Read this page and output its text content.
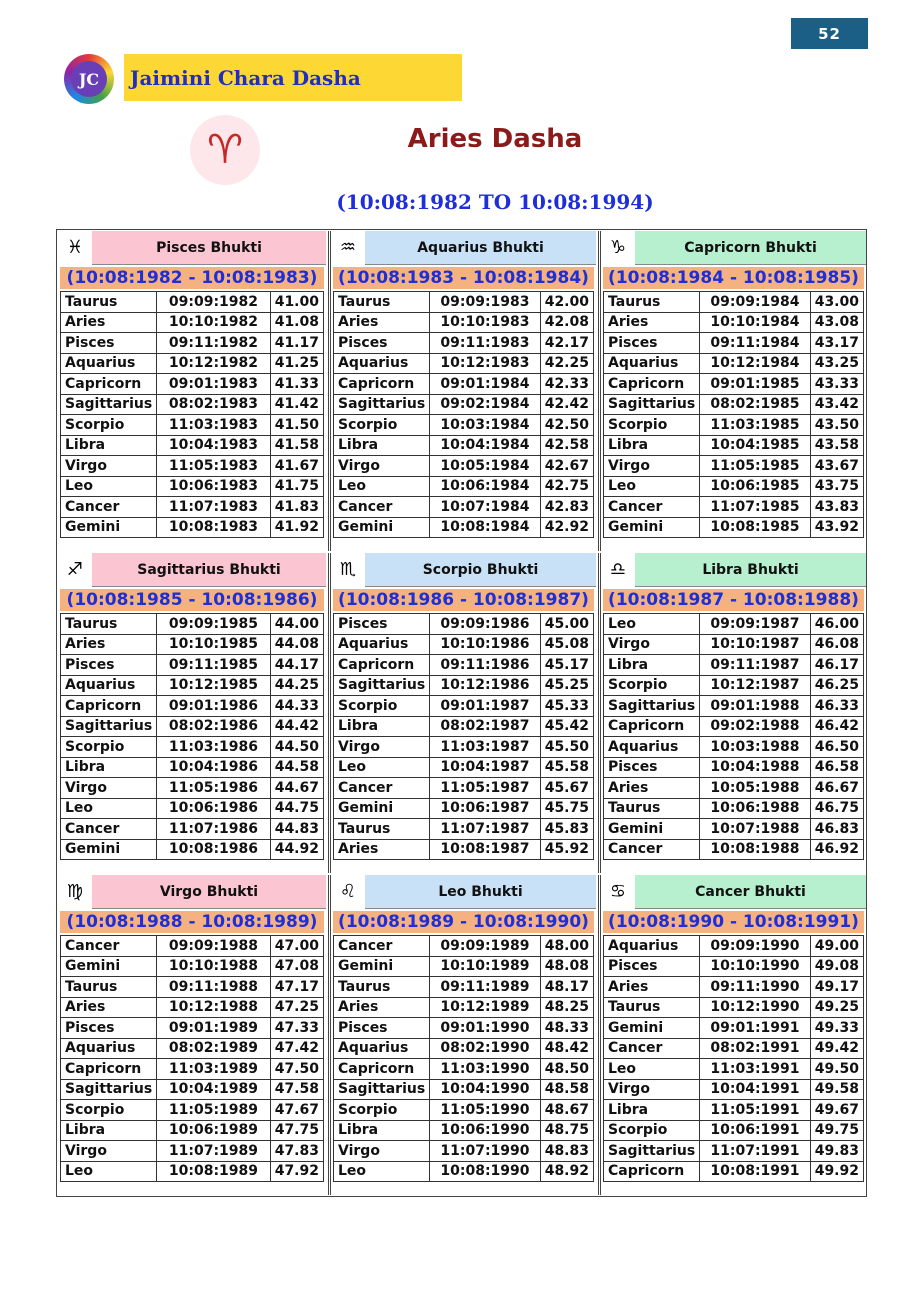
52
JC	Jaimini Chara Dasha
♈	Aries Dasha
(10:08:1982 TO 10:08:1994)
♓	Pisces Bhukti
(10:08:1982 - 10:08:1983)
Taurus	09:09:1982	41.00
Aries	10:10:1982	41.08
Pisces	09:11:1982	41.17
Aquarius	10:12:1982	41.25
Capricorn	09:01:1983	41.33
Sagittarius	08:02:1983	41.42
Scorpio	11:03:1983	41.50
Libra	10:04:1983	41.58
Virgo	11:05:1983	41.67
Leo	10:06:1983	41.75
Cancer	11:07:1983	41.83
Gemini	10:08:1983	41.92
♒	Aquarius Bhukti
(10:08:1983 - 10:08:1984)
Taurus	09:09:1983	42.00
Aries	10:10:1983	42.08
Pisces	09:11:1983	42.17
Aquarius	10:12:1983	42.25
Capricorn	09:01:1984	42.33
Sagittarius	09:02:1984	42.42
Scorpio	10:03:1984	42.50
Libra	10:04:1984	42.58
Virgo	10:05:1984	42.67
Leo	10:06:1984	42.75
Cancer	10:07:1984	42.83
Gemini	10:08:1984	42.92
♑	Capricorn Bhukti
(10:08:1984 - 10:08:1985)
Taurus	09:09:1984	43.00
Aries	10:10:1984	43.08
Pisces	09:11:1984	43.17
Aquarius	10:12:1984	43.25
Capricorn	09:01:1985	43.33
Sagittarius	08:02:1985	43.42
Scorpio	11:03:1985	43.50
Libra	10:04:1985	43.58
Virgo	11:05:1985	43.67
Leo	10:06:1985	43.75
Cancer	11:07:1985	43.83
Gemini	10:08:1985	43.92
♐	Sagittarius Bhukti
(10:08:1985 - 10:08:1986)
Taurus	09:09:1985	44.00
Aries	10:10:1985	44.08
Pisces	09:11:1985	44.17
Aquarius	10:12:1985	44.25
Capricorn	09:01:1986	44.33
Sagittarius	08:02:1986	44.42
Scorpio	11:03:1986	44.50
Libra	10:04:1986	44.58
Virgo	11:05:1986	44.67
Leo	10:06:1986	44.75
Cancer	11:07:1986	44.83
Gemini	10:08:1986	44.92
♏	Scorpio Bhukti
(10:08:1986 - 10:08:1987)
Pisces	09:09:1986	45.00
Aquarius	10:10:1986	45.08
Capricorn	09:11:1986	45.17
Sagittarius	10:12:1986	45.25
Scorpio	09:01:1987	45.33
Libra	08:02:1987	45.42
Virgo	11:03:1987	45.50
Leo	10:04:1987	45.58
Cancer	11:05:1987	45.67
Gemini	10:06:1987	45.75
Taurus	11:07:1987	45.83
Aries	10:08:1987	45.92
♎	Libra Bhukti
(10:08:1987 - 10:08:1988)
Leo	09:09:1987	46.00
Virgo	10:10:1987	46.08
Libra	09:11:1987	46.17
Scorpio	10:12:1987	46.25
Sagittarius	09:01:1988	46.33
Capricorn	09:02:1988	46.42
Aquarius	10:03:1988	46.50
Pisces	10:04:1988	46.58
Aries	10:05:1988	46.67
Taurus	10:06:1988	46.75
Gemini	10:07:1988	46.83
Cancer	10:08:1988	46.92
♍	Virgo Bhukti
(10:08:1988 - 10:08:1989)
Cancer	09:09:1988	47.00
Gemini	10:10:1988	47.08
Taurus	09:11:1988	47.17
Aries	10:12:1988	47.25
Pisces	09:01:1989	47.33
Aquarius	08:02:1989	47.42
Capricorn	11:03:1989	47.50
Sagittarius	10:04:1989	47.58
Scorpio	11:05:1989	47.67
Libra	10:06:1989	47.75
Virgo	11:07:1989	47.83
Leo	10:08:1989	47.92
♌	Leo Bhukti
(10:08:1989 - 10:08:1990)
Cancer	09:09:1989	48.00
Gemini	10:10:1989	48.08
Taurus	09:11:1989	48.17
Aries	10:12:1989	48.25
Pisces	09:01:1990	48.33
Aquarius	08:02:1990	48.42
Capricorn	11:03:1990	48.50
Sagittarius	10:04:1990	48.58
Scorpio	11:05:1990	48.67
Libra	10:06:1990	48.75
Virgo	11:07:1990	48.83
Leo	10:08:1990	48.92
♋	Cancer Bhukti
(10:08:1990 - 10:08:1991)
Aquarius	09:09:1990	49.00
Pisces	10:10:1990	49.08
Aries	09:11:1990	49.17
Taurus	10:12:1990	49.25
Gemini	09:01:1991	49.33
Cancer	08:02:1991	49.42
Leo	11:03:1991	49.50
Virgo	10:04:1991	49.58
Libra	11:05:1991	49.67
Scorpio	10:06:1991	49.75
Sagittarius	11:07:1991	49.83
Capricorn	10:08:1991	49.92
